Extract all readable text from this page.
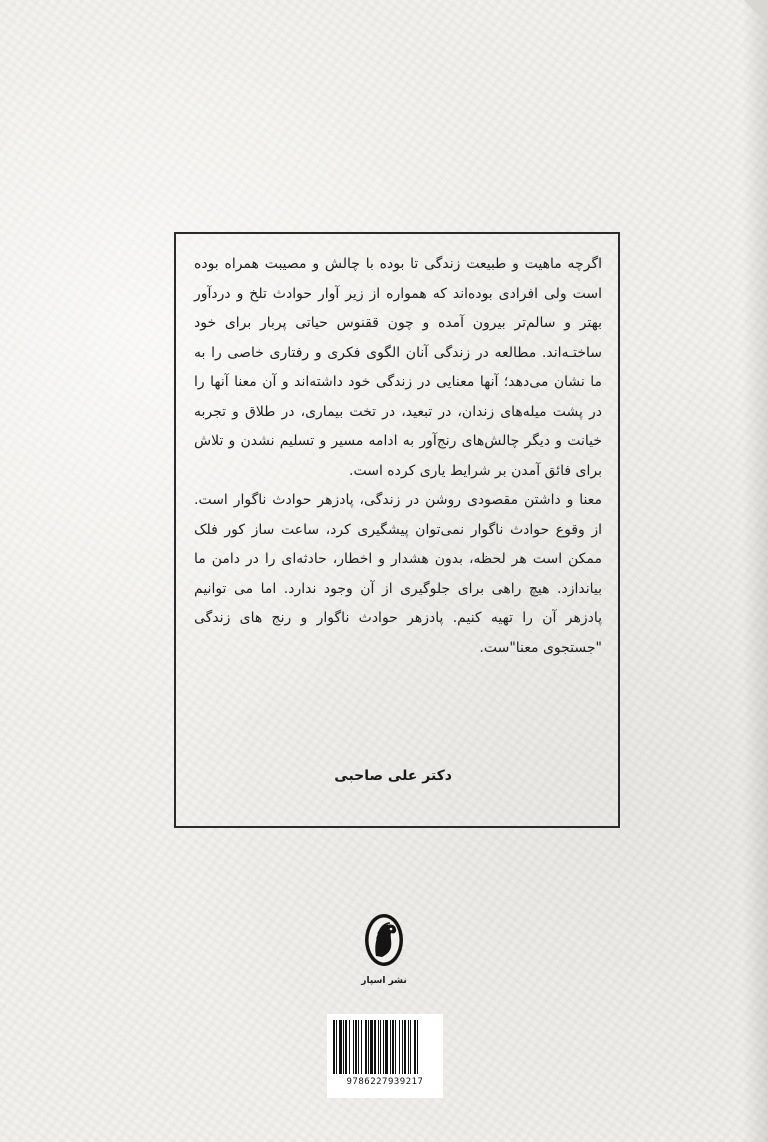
اگرچه ماهیت و طبیعت زندگی تا بوده با چالش و مصیبت همراه بوده است ولی افرادی بوده‌اند که همواره از زیر آوار حوادث تلخ و دردآور بهتر و سالم‌تر بیرون آمده و چون ققنوس حیاتی پربار برای خود ساختـه‌اند. مطالعه در زندگی آنان الگوی فکری و رفتاری خاصی را به ما نشان می‌دهد؛ آنها معنایی در زندگی خود داشته‌اند و آن معنا آنها را در پشت میله‌های زندان، در تبعید، در تخت بیماری، در طلاق و تجربه خیانت و دیگر چالش‌های رنج‌آور به ادامه مسیر و تسلیم نشدن و تلاش برای فائق آمدن بر شرایط یاری کرده است.

معنا و داشتن مقصودی روشن در زندگی، پادزهر حوادث ناگوار است. از وقوع حوادث ناگوار نمی‌توان پیشگیری کرد، ساعت ساز کور فلک ممکن است هر لحظه، بدون هشدار و اخطار، حادثه‌ای را در دامن ما بیاندازد. هیچ راهی برای جلوگیری از آن وجود ندارد. اما می توانیم پادزهر آن را تهیه کنیم. پادزهر حوادث ناگوار و رنج های زندگی "جستجوی معنا"ست.

دکتر علی صاحبی
نشر اسپار
9786227939217
